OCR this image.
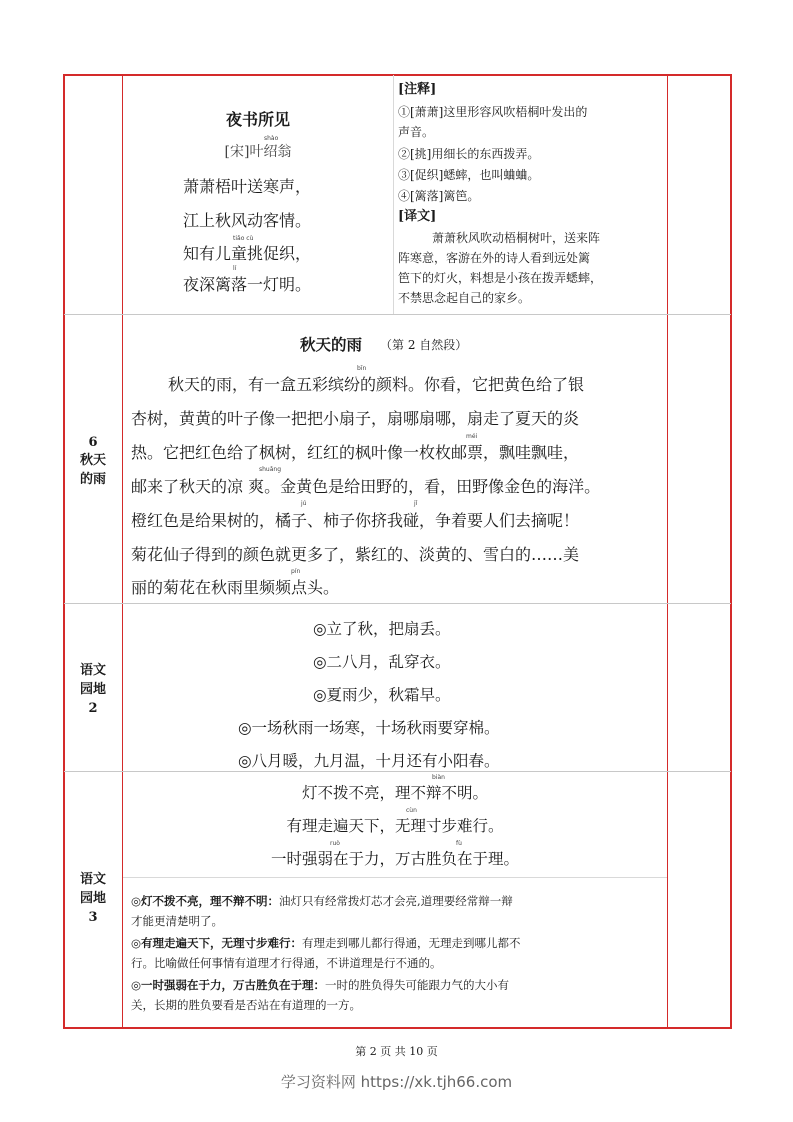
夜书所见
shào
[宋]叶绍翁
萧萧梧叶送寒声，
江上秋风动客情。
tiǎo cù
知有儿童挑促织，
lí
夜深篱落一灯明。
[注释]
①[萧萧]这里形容风吹梧桐叶发出的
声音。
②[挑]用细长的东西拨弄。
③[促织]蟋蟀，也叫蛐蛐。
④[篱落]篱笆。
[译文]
萧萧秋风吹动梧桐树叶，送来阵
阵寒意，客游在外的诗人看到远处篱
笆下的灯火，料想是小孩在拨弄蟋蟀，
不禁思念起自己的家乡。
6
秋天
的雨
秋天的雨 （第 2 自然段）
bīn
秋天的雨，有一盒五彩缤纷的颜料。你看，它把黄色给了银
杏树，黄黄的叶子像一把把小扇子，扇哪扇哪，扇走了夏天的炎
méi
热。它把红色给了枫树，红红的枫叶像一枚枚邮票，飘哇飘哇，
shuǎng
邮来了秋天的凉 爽。金黄色是给田野的，看，田野像金色的海洋。
jú	jǐ
橙红色是给果树的，橘子、柿子你挤我碰，争着要人们去摘呢！
菊花仙子得到的颜色就更多了，紫红的、淡黄的、雪白的……美
pín
丽的菊花在秋雨里频频点头。
语文
园地
2
◎立了秋，把扇丢。
◎二八月，乱穿衣。
◎夏雨少，秋霜早。
◎一场秋雨一场寒，十场秋雨要穿棉。
◎八月暖，九月温，十月还有小阳春。
语文
园地
3
biàn
灯不拨不亮，理不辩不明。
cùn
有理走遍天下，无理寸步难行。
ruò	fù
一时强弱在于力，万古胜负在于理。
◎灯不拨不亮，理不辩不明：油灯只有经常拨灯芯才会亮,道理要经常辩一辩
才能更清楚明了。
◎有理走遍天下，无理寸步难行：有理走到哪儿都行得通，无理走到哪儿都不
行。比喻做任何事情有道理才行得通，不讲道理是行不通的。
◎一时强弱在于力，万古胜负在于理：一时的胜负得失可能跟力气的大小有
关，长期的胜负要看是否站在有道理的一方。
第 2 页 共 10 页
学习资料网 https://xk.tjh66.com
